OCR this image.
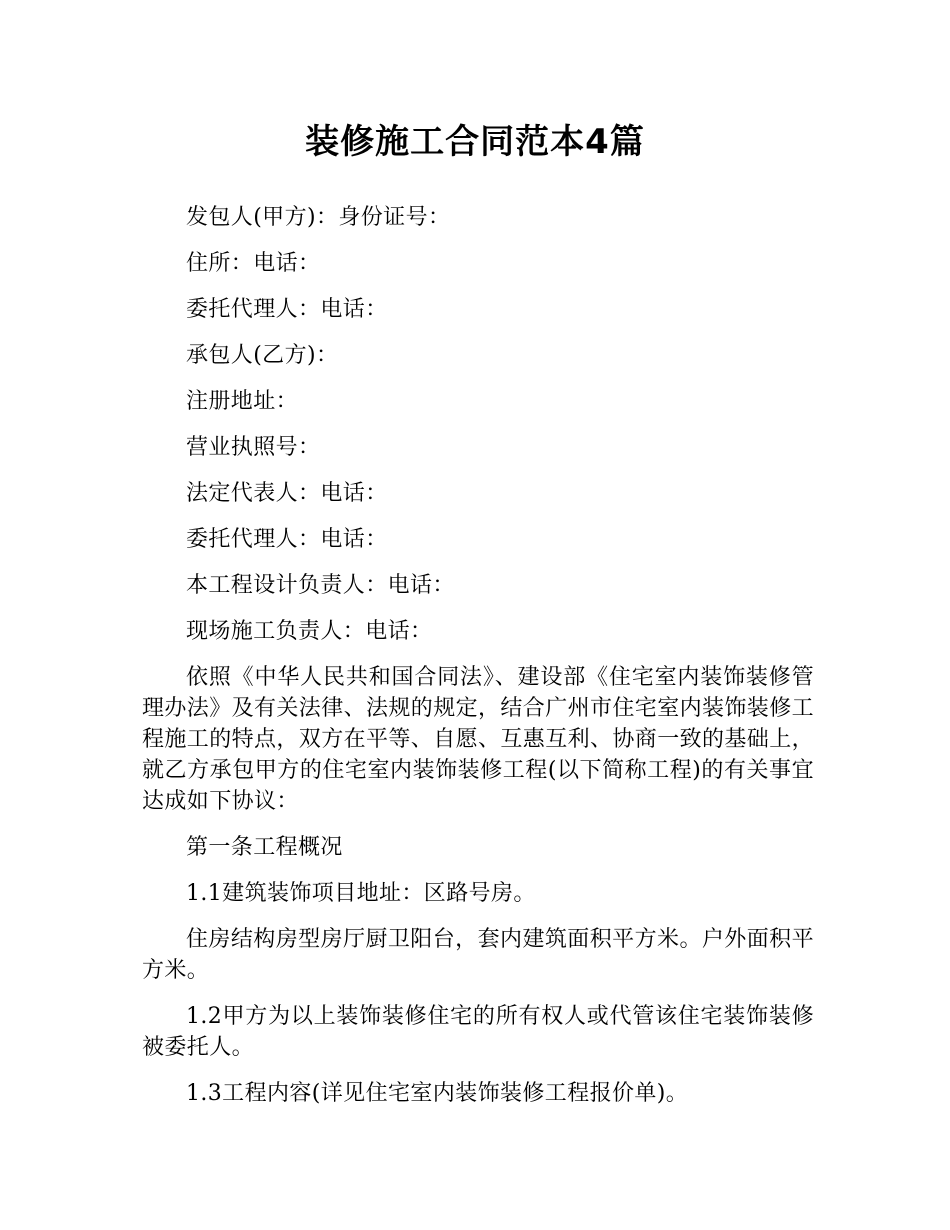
装修施工合同范本4篇

发包人(甲方)：身份证号：

住所：电话：

委托代理人：电话：

承包人(乙方)：

注册地址：

营业执照号：

法定代表人：电话：

委托代理人：电话：

本工程设计负责人：电话：

现场施工负责人：电话：

依照《中华人民共和国合同法》、建设部《住宅室内装饰装修管理办法》及有关法律、法规的规定，结合广州市住宅室内装饰装修工程施工的特点，双方在平等、自愿、互惠互利、协商一致的基础上，就乙方承包甲方的住宅室内装饰装修工程(以下简称工程)的有关事宜达成如下协议：

第一条工程概况

1.1建筑装饰项目地址：区路号房。

住房结构房型房厅厨卫阳台，套内建筑面积平方米。户外面积平方米。

1.2甲方为以上装饰装修住宅的所有权人或代管该住宅装饰装修被委托人。

1.3工程内容(详见住宅室内装饰装修工程报价单)。
